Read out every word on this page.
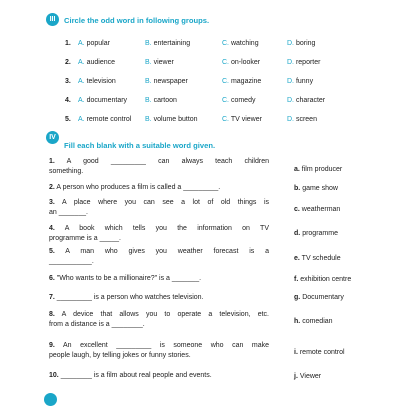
III	Circle the odd word in following groups.
1. A. popular	B. entertaining	C. watching	D. boring
2. A. audience	B. viewer	C. on-looker	D. reporter
3. A. television	B. newspaper	C. magazine	D. funny
4. A. documentary	B. cartoon	C. comedy	D. character
5. A. remote control B. volume button	C. TV viewer	D. screen
IV
Fill each blank with a suitable word given.
1. A good _________ can always teach children
something.
2. A person who produces a film is called a _________.
3. A place where you can see a lot of old things is
an _______.
4. A book which tells you the information on TV
programme is a _____.
5. A man who gives you weather forecast is a
___________.
6. "Who wants to be a millionaire?" is a _______.
7. _________ is a person who watches television.
8. A device that allows you to operate a television, etc.
from a distance is a ________.
9. An excellent _________ is someone who can make
people laugh, by telling jokes or funny stories.
10. ________ is a film about real people and events.
a. film producer
b. game show
c. weatherman
d. programme
e. TV schedule
f. exhibition centre
g. Documentary
h. comedian
i. remote control
j. Viewer
